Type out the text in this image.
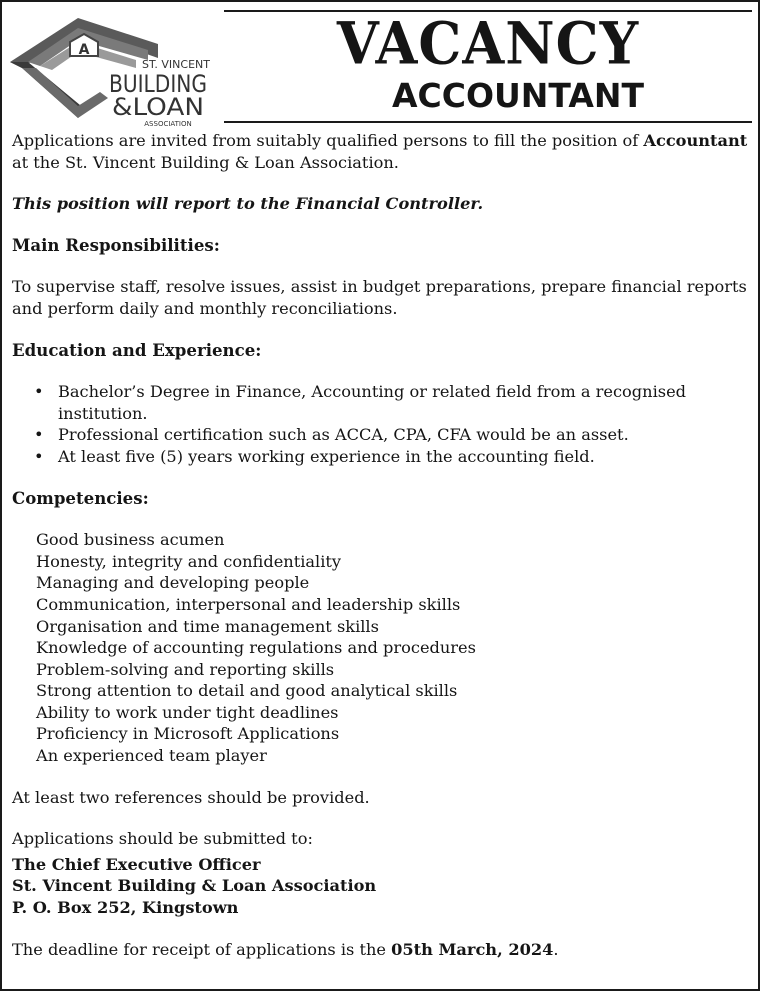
A
ST. VINCENT
BUILDING
&LOAN
ASSOCIATION
VACANCY
ACCOUNTANT

Applications are invited from suitably qualified persons to fill the position of Accountant at the St. Vincent Building & Loan Association.

This position will report to the Financial Controller.

Main Responsibilities:

To supervise staff, resolve issues, assist in budget preparations, prepare financial reports and perform daily and monthly reconciliations.

Education and Experience:

• Bachelor’s Degree in Finance, Accounting or related field from a recognised institution.
• Professional certification such as ACCA, CPA, CFA would be an asset.
• At least five (5) years working experience in the accounting field.

Competencies:

Good business acumen
Honesty, integrity and confidentiality
Managing and developing people
Communication, interpersonal and leadership skills
Organisation and time management skills
Knowledge of accounting regulations and procedures
Problem-solving and reporting skills
Strong attention to detail and good analytical skills
Ability to work under tight deadlines
Proficiency in Microsoft Applications
An experienced team player

At least two references should be provided.

Applications should be submitted to:

The Chief Executive Officer

St. Vincent Building & Loan Association

P. O. Box 252, Kingstown

The deadline for receipt of applications is the 05th March, 2024.
